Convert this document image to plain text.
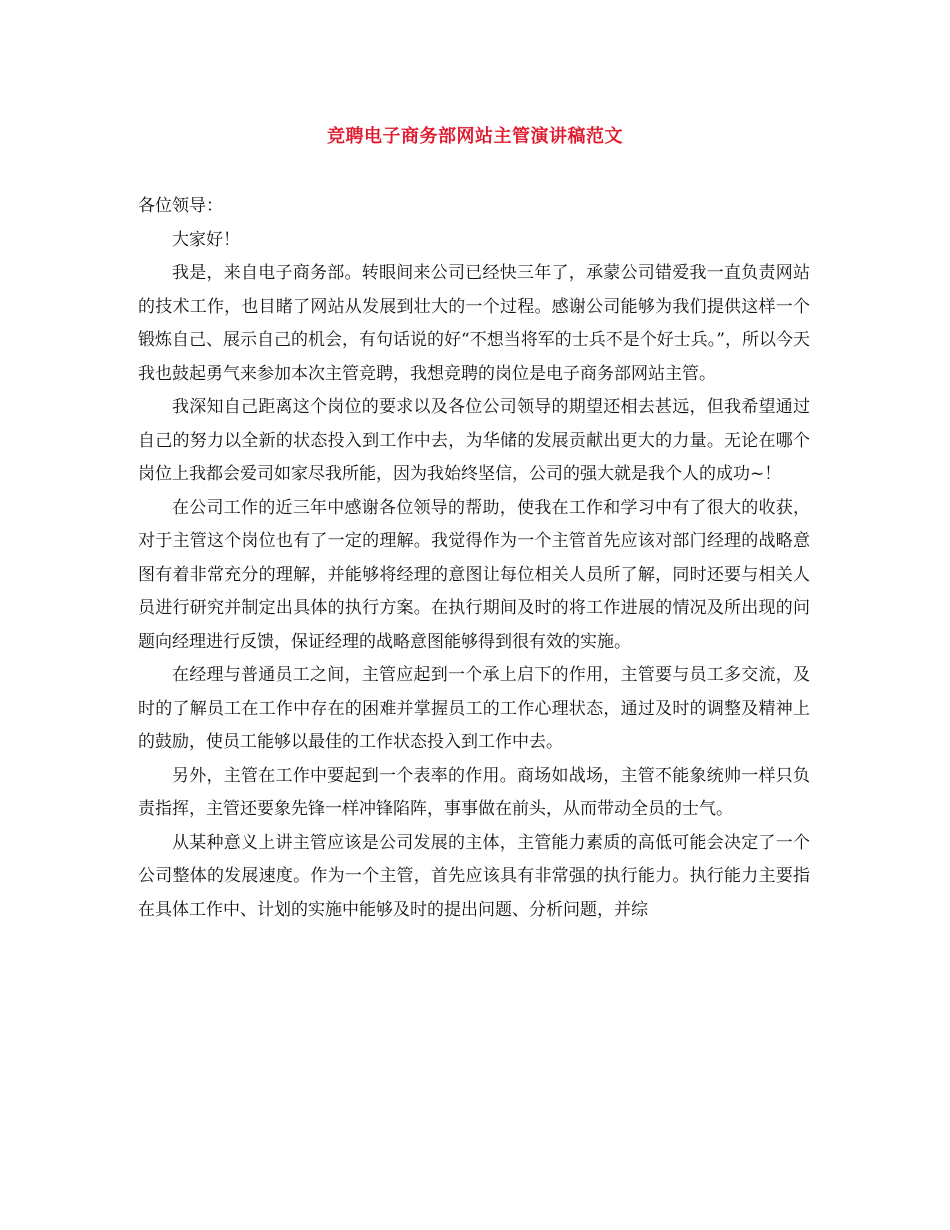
竞聘电子商务部网站主管演讲稿范文

各位领导：

大家好！

我是，来自电子商务部。转眼间来公司已经快三年了，承蒙公司错爱我一直负责网站的技术工作，也目睹了网站从发展到壮大的一个过程。感谢公司能够为我们提供这样一个锻炼自己、展示自己的机会，有句话说的好“不想当将军的士兵不是个好士兵。”，所以今天我也鼓起勇气来参加本次主管竞聘，我想竞聘的岗位是电子商务部网站主管。

我深知自己距离这个岗位的要求以及各位公司领导的期望还相去甚远，但我希望通过自己的努力以全新的状态投入到工作中去，为华储的发展贡献出更大的力量。无论在哪个岗位上我都会爱司如家尽我所能，因为我始终坚信，公司的强大就是我个人的成功~！

在公司工作的近三年中感谢各位领导的帮助，使我在工作和学习中有了很大的收获，对于主管这个岗位也有了一定的理解。我觉得作为一个主管首先应该对部门经理的战略意图有着非常充分的理解，并能够将经理的意图让每位相关人员所了解，同时还要与相关人员进行研究并制定出具体的执行方案。在执行期间及时的将工作进展的情况及所出现的问题向经理进行反馈，保证经理的战略意图能够得到很有效的实施。

在经理与普通员工之间，主管应起到一个承上启下的作用，主管要与员工多交流，及时的了解员工在工作中存在的困难并掌握员工的工作心理状态，通过及时的调整及精神上的鼓励，使员工能够以最佳的工作状态投入到工作中去。

另外，主管在工作中要起到一个表率的作用。商场如战场，主管不能象统帅一样只负责指挥，主管还要象先锋一样冲锋陷阵，事事做在前头，从而带动全员的士气。

从某种意义上讲主管应该是公司发展的主体，主管能力素质的高低可能会决定了一个公司整体的发展速度。作为一个主管，首先应该具有非常强的执行能力。执行能力主要指在具体工作中、计划的实施中能够及时的提出问题、分析问题，并综
